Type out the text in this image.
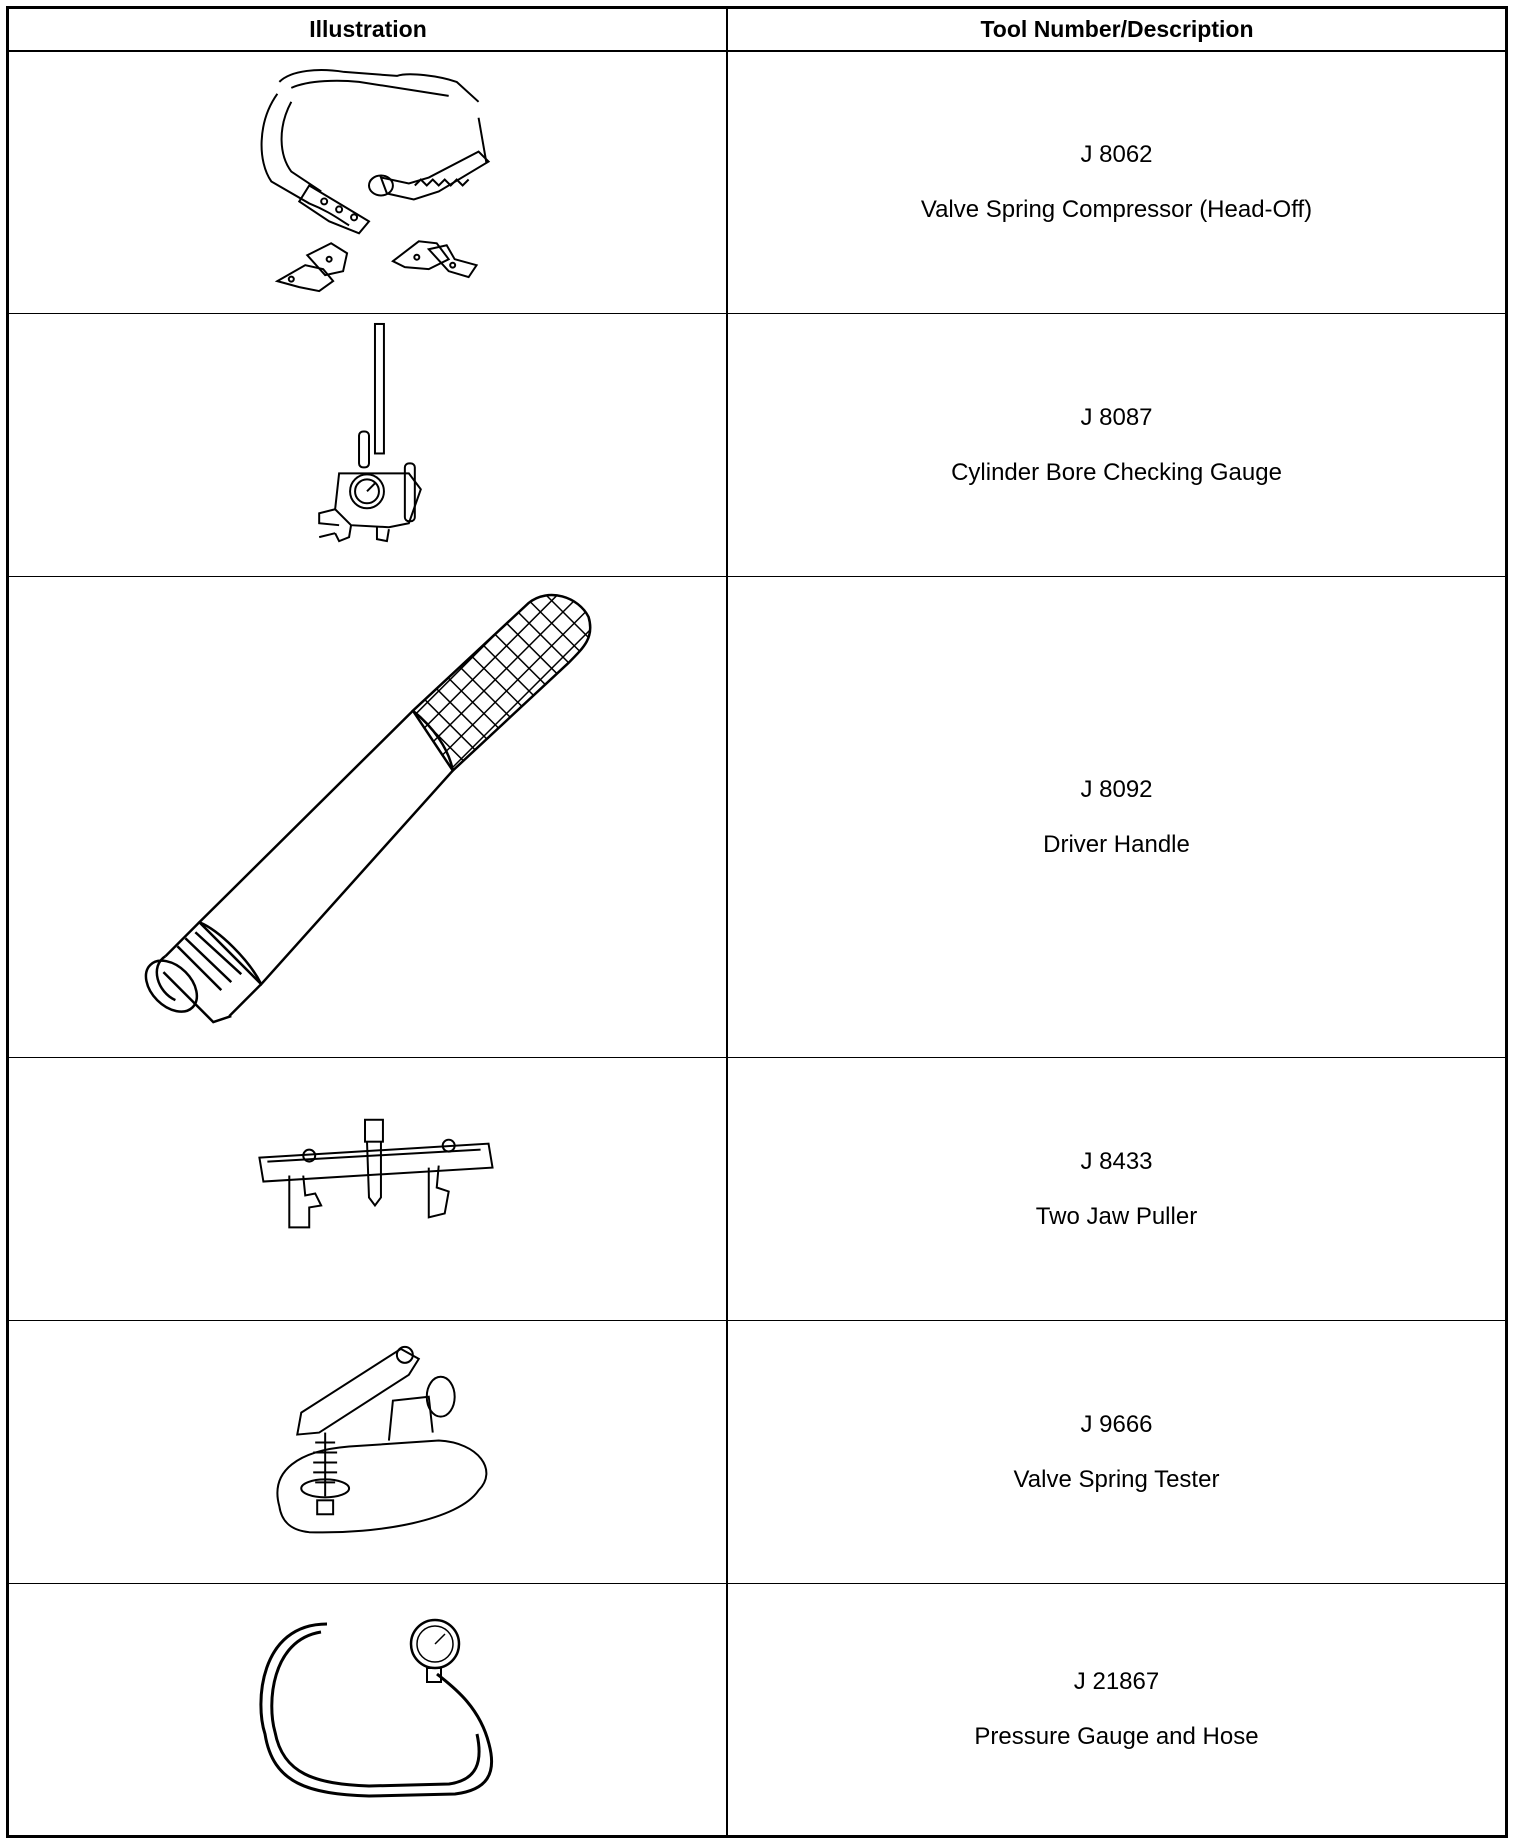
Illustration	Tool Number/Description
J 8062
Valve Spring Compressor (Head-Off)
J 8087
Cylinder Bore Checking Gauge
J 8092
Driver Handle
J 8433
Two Jaw Puller
J 9666
Valve Spring Tester
J 21867
Pressure Gauge and Hose
